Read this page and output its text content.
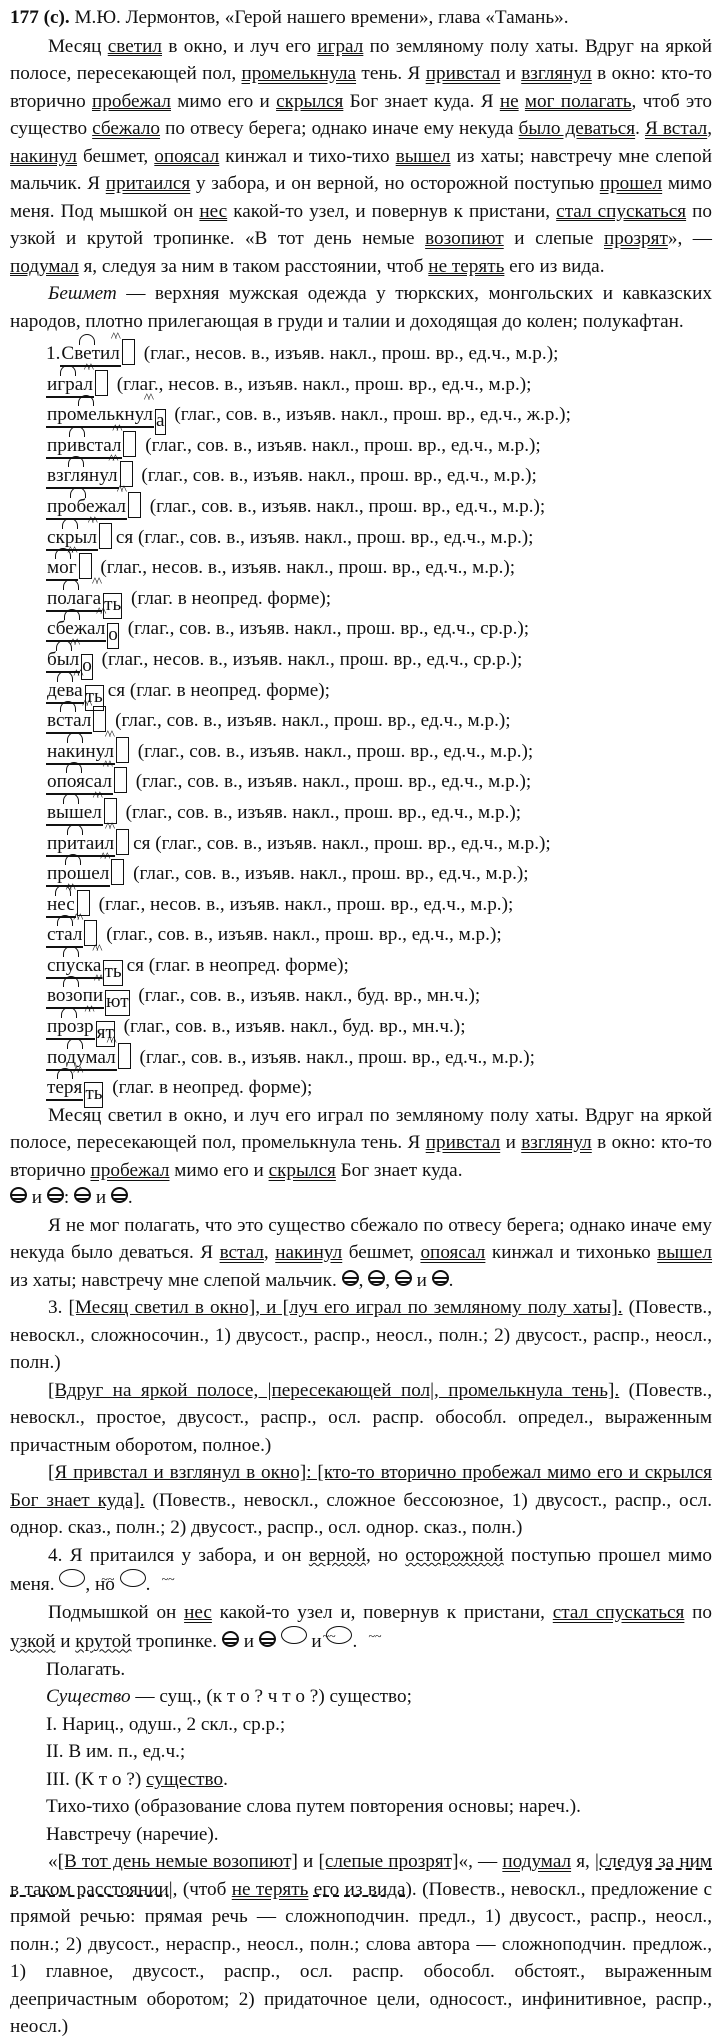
177 (с). М.Ю. Лермонтов, «Герой нашего времени», глава «Тамань».

Месяц светил в окно, и луч его играл по земляному полу хаты. Вдруг на яркой полосе, пересекающей пол, промелькнула тень. Я привстал и взглянул в окно: кто-то вторично пробежал мимо его и скрылся Бог знает куда. Я не мог полагать, чтоб это существо сбежало по отвесу берега; однако иначе ему некуда было деваться. Я встал, накинул бешмет, опоясал кинжал и тихо-тихо вышел из хаты; навстречу мне слепой мальчик. Я притаился у забора, и он верной, но осторожной поступью прошел мимо меня. Под мышкой он нес какой-то узел, и повернув к пристани, стал спускаться по узкой и крутой тропинке. «В тот день немые возопиют и слепые прозрят», — подумал я, следуя за ним в таком расстоянии, чтоб не терять его из вида.

Бешмет — верхняя мужская одежда у тюркских, монгольских и кавказских народов, плотно прилегающая в груди и талии и доходящая до колен; полукафтан.

1.Светил ^^ (глаг., несов. в., изъяв. накл., прош. вр., ед.ч., м.р.);
играл ^^ (глаг., несов. в., изъяв. накл., прош. вр., ед.ч., м.р.);
промелькнул ^^ а (глаг., сов. в., изъяв. накл., прош. вр., ед.ч., ж.р.);
привстал ^^ (глаг., сов. в., изъяв. накл., прош. вр., ед.ч., м.р.);
взглянул ^^ (глаг., сов. в., изъяв. накл., прош. вр., ед.ч., м.р.);
пробежал ^^ (глаг., сов. в., изъяв. накл., прош. вр., ед.ч., м.р.);
скрыл ^^ ся (глаг., сов. в., изъяв. накл., прош. вр., ед.ч., м.р.);
мог ^^ (глаг., несов. в., изъяв. накл., прош. вр., ед.ч., м.р.);
полага ^^ ть (глаг. в неопред. форме);
сбежал ^^ о (глаг., сов. в., изъяв. накл., прош. вр., ед.ч., ср.р.);
был ^^ о (глаг., несов. в., изъяв. накл., прош. вр., ед.ч., ср.р.);
дева ^^ ть ся (глаг. в неопред. форме);
встал ^^ (глаг., сов. в., изъяв. накл., прош. вр., ед.ч., м.р.);
накинул ^^ (глаг., сов. в., изъяв. накл., прош. вр., ед.ч., м.р.);
опоясал ^^ (глаг., сов. в., изъяв. накл., прош. вр., ед.ч., м.р.);
вышел ^^ (глаг., сов. в., изъяв. накл., прош. вр., ед.ч., м.р.);
притаил ^^ ся (глаг., сов. в., изъяв. накл., прош. вр., ед.ч., м.р.);
прошел ^^ (глаг., сов. в., изъяв. накл., прош. вр., ед.ч., м.р.);
нес ^^ (глаг., несов. в., изъяв. накл., прош. вр., ед.ч., м.р.);
стал ^^ (глаг., сов. в., изъяв. накл., прош. вр., ед.ч., м.р.);
спуска ^^ ть ся (глаг. в неопред. форме);
возопи ^^ ют (глаг., сов. в., изъяв. накл., буд. вр., мн.ч.);
прозр ^^ ят (глаг., сов. в., изъяв. накл., буд. вр., мн.ч.);
подумал ^^ (глаг., сов. в., изъяв. накл., прош. вр., ед.ч., м.р.);
теря ^^ ть (глаг. в неопред. форме);

Месяц светил в окно, и луч его играл по земляному полу хаты. Вдруг на яркой полосе, пересекающей пол, промелькнула тень. Я привстал и взглянул в окно: кто-то вторично пробежал мимо его и скрылся Бог знает куда.

и : и .

Я не мог полагать, что это существо сбежало по отвесу берега; однако иначе ему некуда было деваться. Я встал, накинул бешмет, опоясал кинжал и тихонько вышел из хаты; навстречу мне слепой мальчик. , , и .

3. [Месяц светил в окно], и [луч его играл по земляному полу хаты]. (Повеств., невоскл., сложносочин., 1) двусост., распр., неосл., полн.; 2) двусост., распр., неосл., полн.)

[Вдруг на яркой полосе, |пересекающей пол|, промелькнула тень]. (Повеств., невоскл., простое, двусост., распр., осл. распр. обособл. определ., выраженным причастным оборотом, полное.)

[Я привстал и взглянул в окно]: [кто-то вторично пробежал мимо его и скрылся Бог знает куда]. (Повеств., невоскл., сложное бессоюзное, 1) двусост., распр., осл. однор. сказ., полн.; 2) двусост., распр., осл. однор. сказ., полн.)

4. Я притаился у забора, и он верной, но осторожной поступью прошел мимо меня. ~~ , но ~~ .

Подмышкой он нес какой-то узел и, повернув к пристани, стал спускаться по узкой и крутой тропинке. и ~~	и ~~ .

Полагать.

Существо — сущ., (к т о ? ч т о ?) существо;

I. Нариц., одуш., 2 скл., ср.р.;

II. В им. п., ед.ч.;

III. (К т о ?) существо.

Тихо-тихо (образование слова путем повторения основы; нареч.).

Навстречу (наречие).

«[В тот день немые возопиют] и [слепые прозрят]«, — подумал я, |следуя за ним в таком расстоянии|, (чтоб не терять его из вида). (Повеств., невоскл., предложение с прямой речью: прямая речь — сложноподчин. предл., 1) двусост., распр., неосл., полн.; 2) двусост., нераспр., неосл., полн.; слова автора — сложноподчин. предлож., 1) главное, двусост., распр., осл. распр. обособл. обстоят., выраженным деепричастным оборотом; 2) придаточное цели, односост., инфинитивное, распр., неосл.)
